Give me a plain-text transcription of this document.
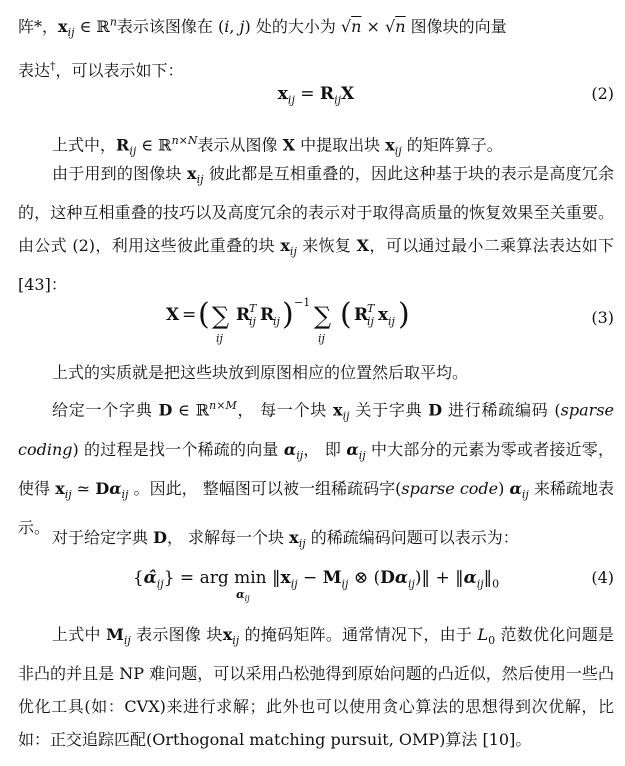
阵*，$x_{ij}$ ∈ ℝ$^n$表示该图像在 (i, j) 处的大小为 √n × √n 图像块的向量
表达†，可以表示如下：
$x_{ij} = R_{ij}X$	(2)
上式中，$R_{ij}$ ∈ ℝ$^{n\times N}$表示从图像 X 中提取出块 $x_{ij}$ 的矩阵算子。
由于用到的图像块 $x_{ij}$ 彼此都是互相重叠的，因此这种基于块的表示是高度冗余的，这种互相重叠的技巧以及高度冗余的表示对于取得高质量的恢复效果至关重要。由公式 (2)，利用这些彼此重叠的块 $x_{ij}$ 来恢复 X，可以通过最小二乘算法表达如下[43]：
X = ( ∑
ij
R
T
ij R
ij ) −1 ∑
ij
( R
T
ij x ij )	(3)
上式的实质就是把这些块放到原图相应的位置然后取平均。
给定一个字典 D ∈ ℝ$^{n\times M}$， 每一个块 $x_{ij}$ 关于字典 D 进行稀疏编码 (sparse coding) 的过程是找一个稀疏的向量 $\alpha_{ij}$， 即 $\alpha_{ij}$ 中大部分的元素为零或者接近零， 使得 $x_{ij}$ ≃ $D\alpha_{ij}$ 。因此， 整幅图可以被一组稀疏码字(sparse code) $\alpha_{ij}$ 来稀疏地表示。
对于给定字典 D， 求解每一个块 $x_{ij}$ 的稀疏编码问题可以表示为：
$\{\alphâ_{ij}\}$ = arg min
$\alpha_{ij}$
$‖x_{ij} - M_{ij}$ ⊗ $(D\alpha_{ij})‖$ + $‖\alpha_{ij}‖_0$	(4)
上式中 $M_{ij}$ 表示图像 块$x_{ij}$ 的掩码矩阵。通常情况下，由于 $L_0$ 范数优化问题是非凸的并且是 NP 难问题，可以采用凸松弛得到原始问题的凸近似，然后使用一些凸优化工具(如：CVX)来进行求解；此外也可以使用贪心算法的思想得到次优解，比如：正交追踪匹配(Orthogonal matching pursuit, OMP)算法 [10]。
